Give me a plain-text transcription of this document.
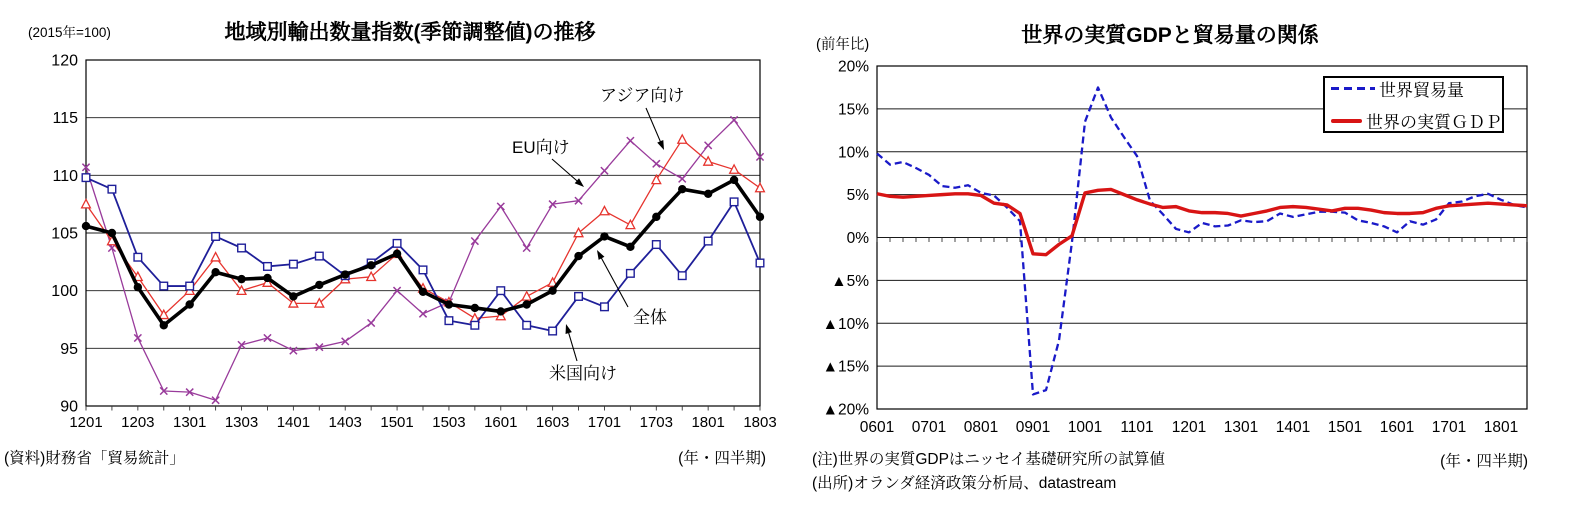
120
115
110
105
100
95
90
1201 1203 1301 1303 1401 1403 1501 1503 1601 1603 1701 1703 1801 1803
アジア向け
EU向け
全体
米国向け
20%
15%
10%
5%
0%
▲5%
▲10%
▲15%
▲20%
0601 0701 0801 0901 1001 1101 1201 1301 1401 1501 1601 1701 1801
地域別輸出数量指数(季節調整値)の推移
(2015年=100)
(資料)財務省「貿易統計」	(年・四半期)
世界の実質GDPと貿易量の関係
(前年比)
(注)世界の実質GDPはニッセイ基礎研究所の試算値
(出所)オランダ経済政策分析局、datastream
(年・四半期)
世界貿易量
世界の実質ＧＤＰ
